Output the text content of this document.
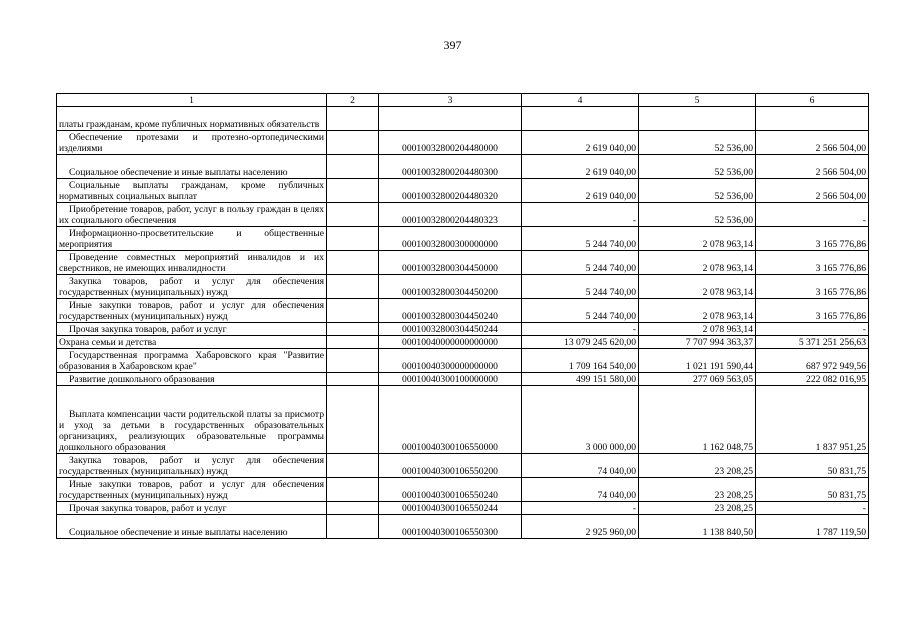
397
1	2	3	4	5	6
платы гражданам, кроме публичных нормативных обязательств					
Обеспечение протезами и протезно-ортопедическими изделиями		00010032800204480000	2 619 040,00	52 536,00	2 566 504,00
Социальное обеспечение и иные выплаты населению		00010032800204480300	2 619 040,00	52 536,00	2 566 504,00
Социальные выплаты гражданам, кроме публичных нормативных социальных выплат		00010032800204480320	2 619 040,00	52 536,00	2 566 504,00
Приобретение товаров, работ, услуг в пользу граждан в целях их социального обеспечения		00010032800204480323	-	52 536,00	-
Информационно-просветительские и общественные мероприятия		00010032800300000000	5 244 740,00	2 078 963,14	3 165 776,86
Проведение совместных мероприятий инвалидов и их сверстников, не имеющих инвалидности		00010032800304450000	5 244 740,00	2 078 963,14	3 165 776,86
Закупка товаров, работ и услуг для обеспечения государственных (муниципальных) нужд		00010032800304450200	5 244 740,00	2 078 963,14	3 165 776,86
Иные закупки товаров, работ и услуг для обеспечения государственных (муниципальных) нужд		00010032800304450240	5 244 740,00	2 078 963,14	3 165 776,86
Прочая закупка товаров, работ и услуг		00010032800304450244	-	2 078 963,14	-
Охрана семьи и детства		00010040000000000000	13 079 245 620,00	7 707 994 363,37	5 371 251 256,63
Государственная программа Хабаровского края "Развитие образования в Хабаровском крае"		00010040300000000000	1 709 164 540,00	1 021 191 590,44	687 972 949,56
Развитие дошкольного образования		00010040300100000000	499 151 580,00	277 069 563,05	222 082 016,95
Выплата компенсации части родительской платы за присмотр и уход за детьми в государственных образовательных организациях, реализующих образовательные программы дошкольного образования		00010040300106550000	3 000 000,00	1 162 048,75	1 837 951,25
Закупка товаров, работ и услуг для обеспечения государственных (муниципальных) нужд		00010040300106550200	74 040,00	23 208,25	50 831,75
Иные закупки товаров, работ и услуг для обеспечения государственных (муниципальных) нужд		00010040300106550240	74 040,00	23 208,25	50 831,75
Прочая закупка товаров, работ и услуг		00010040300106550244	-	23 208,25	-
Социальное обеспечение и иные выплаты населению		00010040300106550300	2 925 960,00	1 138 840,50	1 787 119,50
